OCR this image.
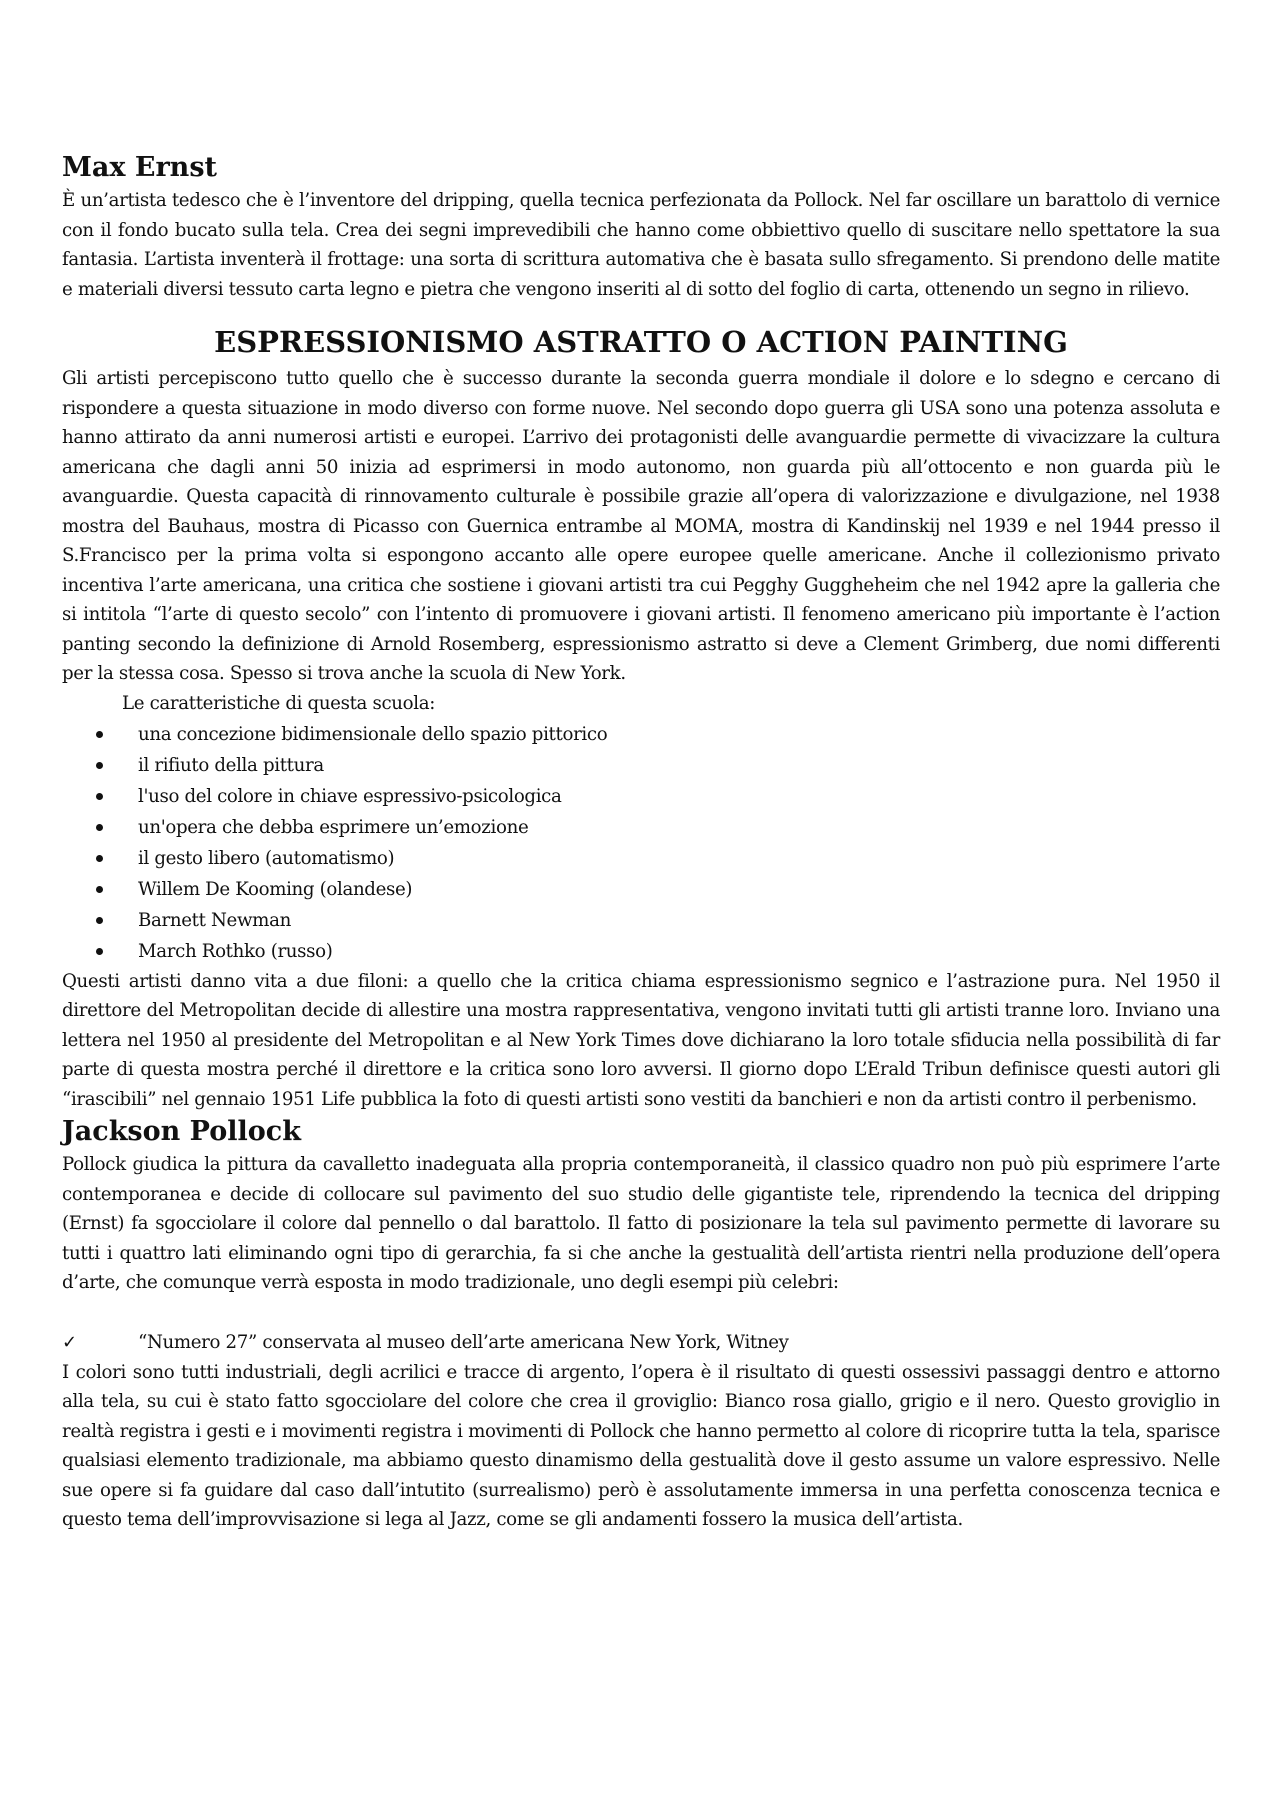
Max Ernst

È un’artista tedesco che è l’inventore del dripping, quella tecnica perfezionata da Pollock. Nel far oscillare un barattolo di vernice con il fondo bucato sulla tela. Crea dei segni imprevedibili che hanno come obbiettivo quello di suscitare nello spettatore la sua fantasia. L’artista inventerà il frottage: una sorta di scrittura automativa che è basata sullo sfregamento. Si prendono delle matite e materiali diversi tessuto carta legno e pietra che vengono inseriti al di sotto del foglio di carta, ottenendo un segno in rilievo.

ESPRESSIONISMO ASTRATTO O ACTION PAINTING

Gli artisti percepiscono tutto quello che è successo durante la seconda guerra mondiale il dolore e lo sdegno e cercano di rispondere a questa situazione in modo diverso con forme nuove. Nel secondo dopo guerra gli USA sono una potenza assoluta e hanno attirato da anni numerosi artisti e europei. L’arrivo dei protagonisti delle avanguardie permette di vivacizzare la cultura americana che dagli anni 50 inizia ad esprimersi in modo autonomo, non guarda più all’ottocento e non guarda più le avanguardie. Questa capacità di rinnovamento culturale è possibile grazie all’opera di valorizzazione e divulgazione, nel 1938 mostra del Bauhaus, mostra di Picasso con Guernica entrambe al MOMA, mostra di Kandinskij nel 1939 e nel 1944 presso il S.Francisco per la prima volta si espongono accanto alle opere europee quelle americane. Anche il collezionismo privato incentiva l’arte americana, una critica che sostiene i giovani artisti tra cui Pegghy Guggheheim che nel 1942 apre la galleria che si intitola “l’arte di questo secolo” con l’intento di promuovere i giovani artisti. Il fenomeno americano più importante è l’action panting secondo la definizione di Arnold Rosemberg, espressionismo astratto si deve a Clement Grimberg, due nomi differenti per la stessa cosa. Spesso si trova anche la scuola di New York.

Le caratteristiche di questa scuola:
una concezione bidimensionale dello spazio pittorico
il rifiuto della pittura
l'uso del colore in chiave espressivo-psicologica
un'opera che debba esprimere un’emozione
il gesto libero (automatismo)
Willem De Kooming (olandese)
Barnett Newman
March Rothko (russo)

Questi artisti danno vita a due filoni: a quello che la critica chiama espressionismo segnico e l’astrazione pura. Nel 1950 il direttore del Metropolitan decide di allestire una mostra rappresentativa, vengono invitati tutti gli artisti tranne loro. Inviano una lettera nel 1950 al presidente del Metropolitan e al New York Times dove dichiarano la loro totale sfiducia nella possibilità di far parte di questa mostra perché il direttore e la critica sono loro avversi. Il giorno dopo L’Erald Tribun definisce questi autori gli “irascibili” nel gennaio 1951 Life pubblica la foto di questi artisti sono vestiti da banchieri e non da artisti contro il perbenismo.

Jackson Pollock

Pollock giudica la pittura da cavalletto inadeguata alla propria contemporaneità, il classico quadro non può più esprimere l’arte contemporanea e decide di collocare sul pavimento del suo studio delle gigantiste tele, riprendendo la tecnica del dripping (Ernst) fa sgocciolare il colore dal pennello o dal barattolo. Il fatto di posizionare la tela sul pavimento permette di lavorare su tutti i quattro lati eliminando ogni tipo di gerarchia, fa si che anche la gestualità dell’artista rientri nella produzione dell’opera d’arte, che comunque verrà esposta in modo tradizionale, uno degli esempi più celebri:

✓	“Numero 27” conservata al museo dell’arte americana New York, Witney

I colori sono tutti industriali, degli acrilici e tracce di argento, l’opera è il risultato di questi ossessivi passaggi dentro e attorno alla tela, su cui è stato fatto sgocciolare del colore che crea il groviglio: Bianco rosa giallo, grigio e il nero. Questo groviglio in realtà registra i gesti e i movimenti registra i movimenti di Pollock che hanno permetto al colore di ricoprire tutta la tela, sparisce qualsiasi elemento tradizionale, ma abbiamo questo dinamismo della gestualità dove il gesto assume un valore espressivo. Nelle sue opere si fa guidare dal caso dall’intutito (surrealismo) però è assolutamente immersa in una perfetta conoscenza tecnica e questo tema dell’improvvisazione si lega al Jazz, come se gli andamenti fossero la musica dell’artista.
